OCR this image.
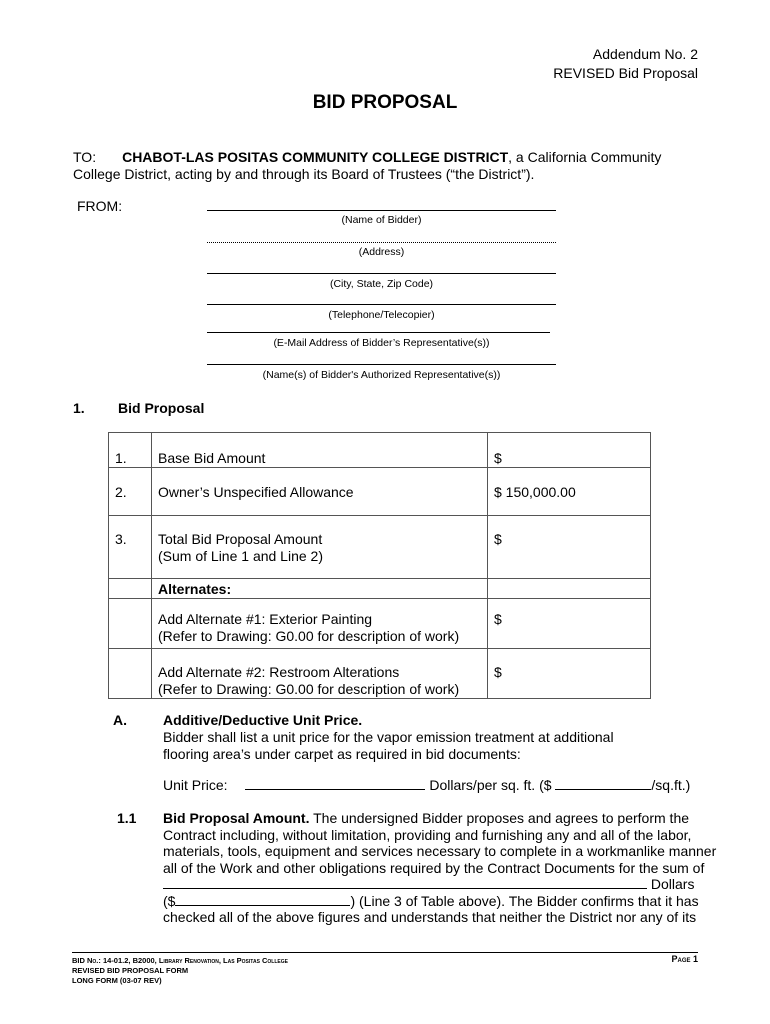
Addendum No. 2
REVISED Bid Proposal
BID PROPOSAL
TO: CHABOT-LAS POSITAS COMMUNITY COLLEGE DISTRICT, a California Community
College District, acting by and through its Board of Trustees (“the District”).
FROM:
(Name of Bidder)
(Address)
(City, State, Zip Code)
(Telephone/Telecopier)
(E-Mail Address of Bidder’s Representative(s))
(Name(s) of Bidder's Authorized Representative(s))
1. Bid Proposal
1.	Base Bid Amount	$

2.	Owner’s Unspecified Allowance	$ 150,000.00

3.	Total Bid Proposal Amount
(Sum of Line 1 and Line 2)	$

	Alternates:	

	Add Alternate #1: Exterior Painting
(Refer to Drawing: G0.00 for description of work)	$

	Add Alternate #2: Restroom Alterations
(Refer to Drawing: G0.00 for description of work)	$
A.	Additive/Deductive Unit Price.
Bidder shall list a unit price for the vapor emission treatment at additional
flooring area’s under carpet as required in bid documents:
Unit Price:	Dollars/per sq. ft. ($	/sq.ft.)
1.1 Bid Proposal Amount. The undersigned Bidder proposes and agrees to perform the
Contract including, without limitation, providing and furnishing any and all of the labor,
materials, tools, equipment and services necessary to complete in a workmanlike manner
all of the Work and other obligations required by the Contract Documents for the sum of
Dollars
($	) (Line 3 of Table above). The Bidder confirms that it has
checked all of the above figures and understands that neither the District nor any of its
BID No.: 14-01.2, B2000, Library Renovation, Las Positas College
REVISED BID PROPOSAL FORM
LONG FORM (03-07 REV)
Page 1
